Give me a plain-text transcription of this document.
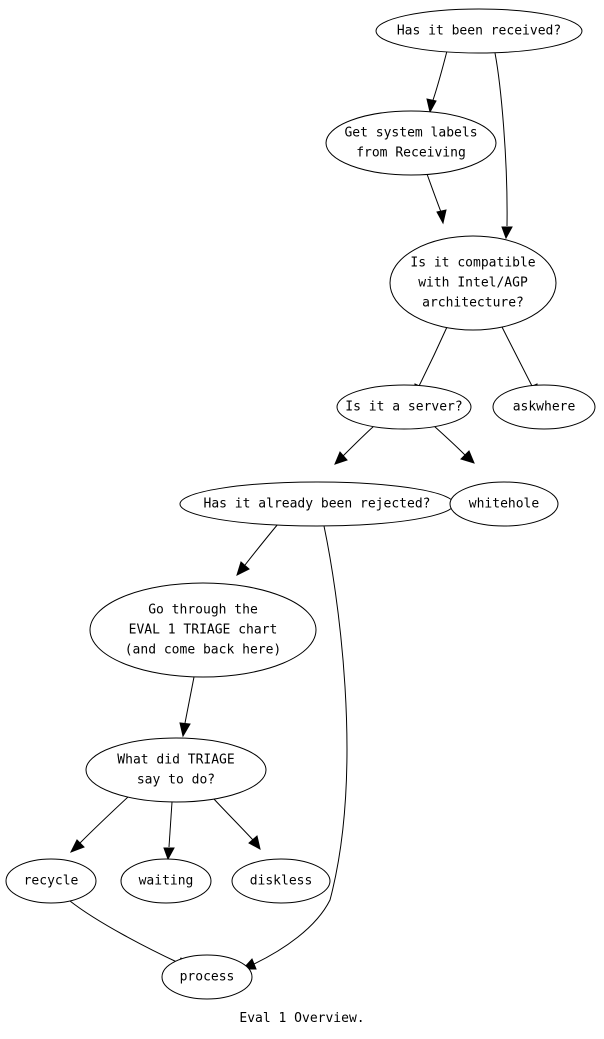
Has it been received?
Get system labels
from Receiving
Is it compatible
with Intel/AGP
architecture?
Is it a server?	askwhere
Has it already been rejected?	whitehole
Go through the
EVAL 1 TRIAGE chart
(and come back here)
What did TRIAGE
say to do?
recycle	waiting	diskless
process
Eval 1 Overview.
